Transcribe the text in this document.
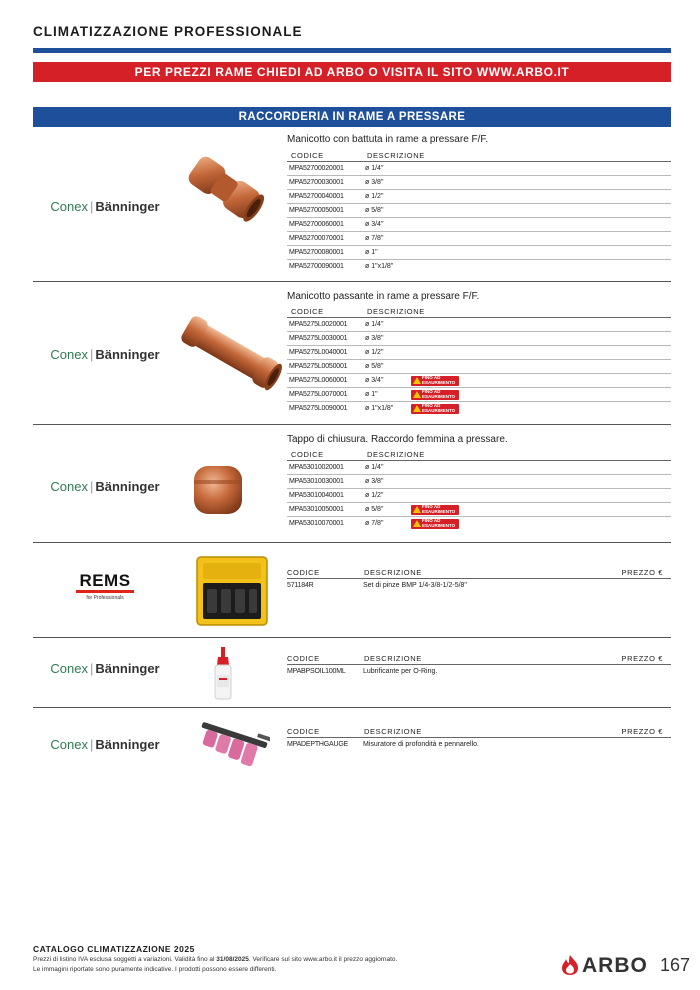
CLIMATIZZAZIONE PROFESSIONALE
PER PREZZI RAME CHIEDI AD ARBO O VISITA IL SITO WWW.ARBO.IT
RACCORDERIA IN RAME A PRESSARE
Conex | Bänninger
Manicotto con battuta in rame a pressare F/F.
CODICE	DESCRIZIONE
MPA52700020001	ø 1/4"
MPA52700030001	ø 3/8"
MPA52700040001	ø 1/2"
MPA52700050001	ø 5/8"
MPA52700060001	ø 3/4"
MPA52700070001	ø 7/8"
MPA52700080001	ø 1"
MPA52700090001	ø 1"x1/8"
Conex | Bänninger
Manicotto passante in rame a pressare F/F.
CODICE	DESCRIZIONE
MPA5275L0020001	ø 1/4"
MPA5275L0030001	ø 3/8"
MPA5275L0040001	ø 1/2"
MPA5275L0050001	ø 5/8"
MPA5275L0060001	ø 3/4"	FINO AD
ESAURIMENTO
MPA5275L0070001	ø 1"	FINO AD
ESAURIMENTO
MPA5275L0090001	ø 1"x1/8"	FINO AD
ESAURIMENTO
Conex | Bänninger
Tappo di chiusura. Raccordo femmina a pressare.
CODICE	DESCRIZIONE
MPA53010020001	ø 1/4"
MPA53010030001	ø 3/8"
MPA53010040001	ø 1/2"
MPA53010050001	ø 5/8"	FINO AD
ESAURIMENTO
MPA53010070001	ø 7/8"	FINO AD
ESAURIMENTO
REMS
for Professionals
CODICE	DESCRIZIONE	PREZZO €
571184R	Set di pinze BMP 1/4-3/8-1/2-5/8"
Conex | Bänninger
CODICE	DESCRIZIONE	PREZZO €
MPABPSOIL100ML Lubrificante per O-Ring.
Conex | Bänninger
CODICE	DESCRIZIONE	PREZZO €
MPADEPTHGAUGE Misuratore di profondità e pennarello.
CATALOGO CLIMATIZZAZIONE 2025
Prezzi di listino IVA esclusa soggetti a variazioni. Validità fino al 31/08/2025. Verificare sul sito www.arbo.it il prezzo aggiornato.
Le immagini riportate sono puramente indicative. I prodotti possono essere differenti.	ARBO 167
